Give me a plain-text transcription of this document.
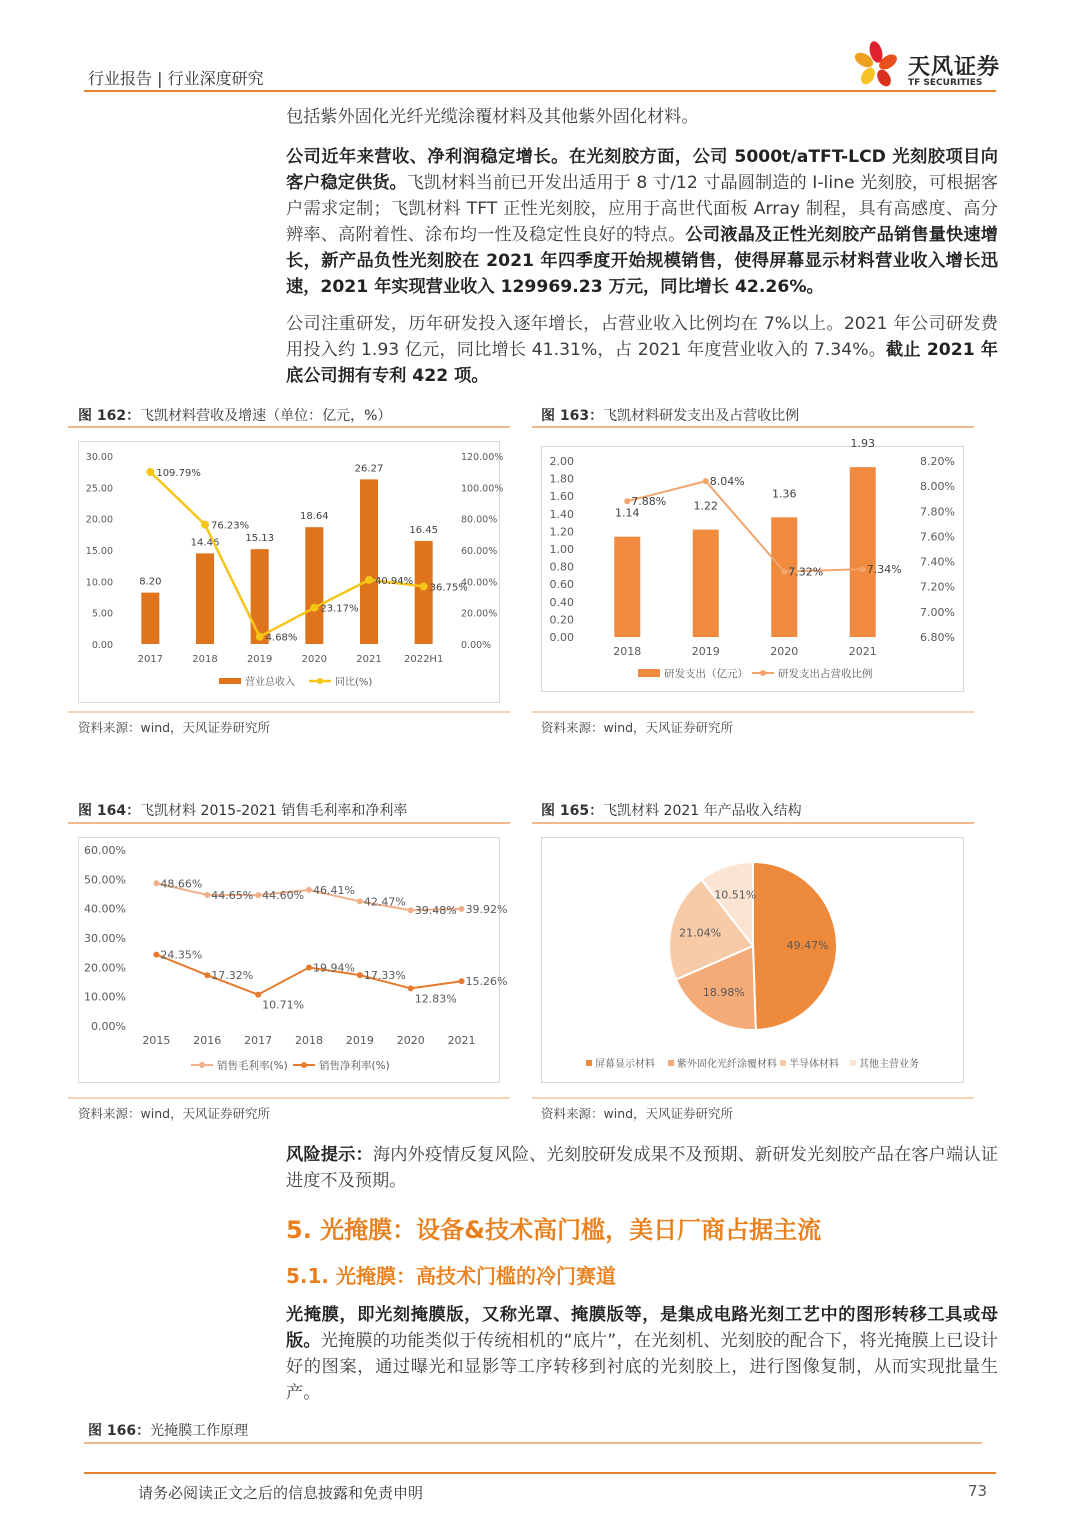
行业报告 | 行业深度研究	天风证券
TF SECURITIES

包括紫外固化光纤光缆涂覆材料及其他紫外固化材料。

公司近年来营收、净利润稳定增长。在光刻胶方面，公司 5000t/aTFT-LCD 光刻胶项目向客户稳定供货。飞凯材料当前已开发出适用于 8 寸/12 寸晶圆制造的 I-line 光刻胶，可根据客户需求定制；飞凯材料 TFT 正性光刻胶，应用于高世代面板 Array 制程，具有高感度、高分辨率、高附着性、涂布均一性及稳定性良好的特点。公司液晶及正性光刻胶产品销售量快速增长，新产品负性光刻胶在 2021 年四季度开始规模销售，使得屏幕显示材料营业收入增长迅速，2021 年实现营业收入 129969.23 万元，同比增长 42.26%。

公司注重研发，历年研发投入逐年增长，占营业收入比例均在 7%以上。2021 年公司研发费用投入约 1.93 亿元，同比增长 41.31%，占 2021 年度营业收入的 7.34%。截止 2021 年底公司拥有专利 422 项。

图 162：飞凯材料营收及增速（单位：亿元，%）
0.00
5.00
10.00
15.00
20.00
25.00
30.00
0.00%
20.00%
40.00%
60.00%
80.00%
100.00%
120.00%
8.20
2017
14.46
2018
15.13
2019
18.64
2020
26.27
2021
16.45
2022H1
109.79%
76.23%
4.68%
23.17%
40.94%
36.75%
营业总收入	同比(%)
资料来源：wind，天风证券研究所
图 163：飞凯材料研发支出及占营收比例
0.00
0.20
0.40
0.60
0.80
1.00
1.20
1.40
1.60
1.80
2.00
6.80%
7.00%
7.20%
7.40%
7.60%
7.80%
8.00%
8.20%
1.14
2018
1.22
2019
1.36
2020
1.93
2021
7.88%
8.04%
7.32%	7.34%
研发支出（亿元）	研发支出占营收比例
资料来源：wind，天风证券研究所
图 164：飞凯材料 2015-2021 销售毛利率和净利率
0.00%
10.00%
20.00%
30.00%
40.00%
50.00%
60.00%
2015 2016 2017 2018 2019 2020 2021
48.66%
44.65% 44.60% 46.41%
42.47%
39.48% 39.92%
24.35%
17.32%
10.71%
19.94%
17.33%
12.83%
15.26%
销售毛利率(%)	销售净利率(%)
资料来源：wind，天风证券研究所
图 165：飞凯材料 2021 年产品收入结构
49.47%
18.98%
21.04%
10.51%
屏幕显示材料 紫外固化光纤涂覆材料 半导体材料 其他主营业务
资料来源：wind，天风证券研究所

风险提示：海内外疫情反复风险、光刻胶研发成果不及预期、新研发光刻胶产品在客户端认证进度不及预期。

5. 光掩膜：设备&技术高门槛，美日厂商占据主流
5.1. 光掩膜：高技术门槛的冷门赛道

光掩膜，即光刻掩膜版，又称光罩、掩膜版等，是集成电路光刻工艺中的图形转移工具或母版。光掩膜的功能类似于传统相机的“底片”，在光刻机、光刻胶的配合下，将光掩膜上已设计好的图案，通过曝光和显影等工序转移到衬底的光刻胶上，进行图像复制，从而实现批量生产。

图 166：光掩膜工作原理
请务必阅读正文之后的信息披露和免责申明	73
